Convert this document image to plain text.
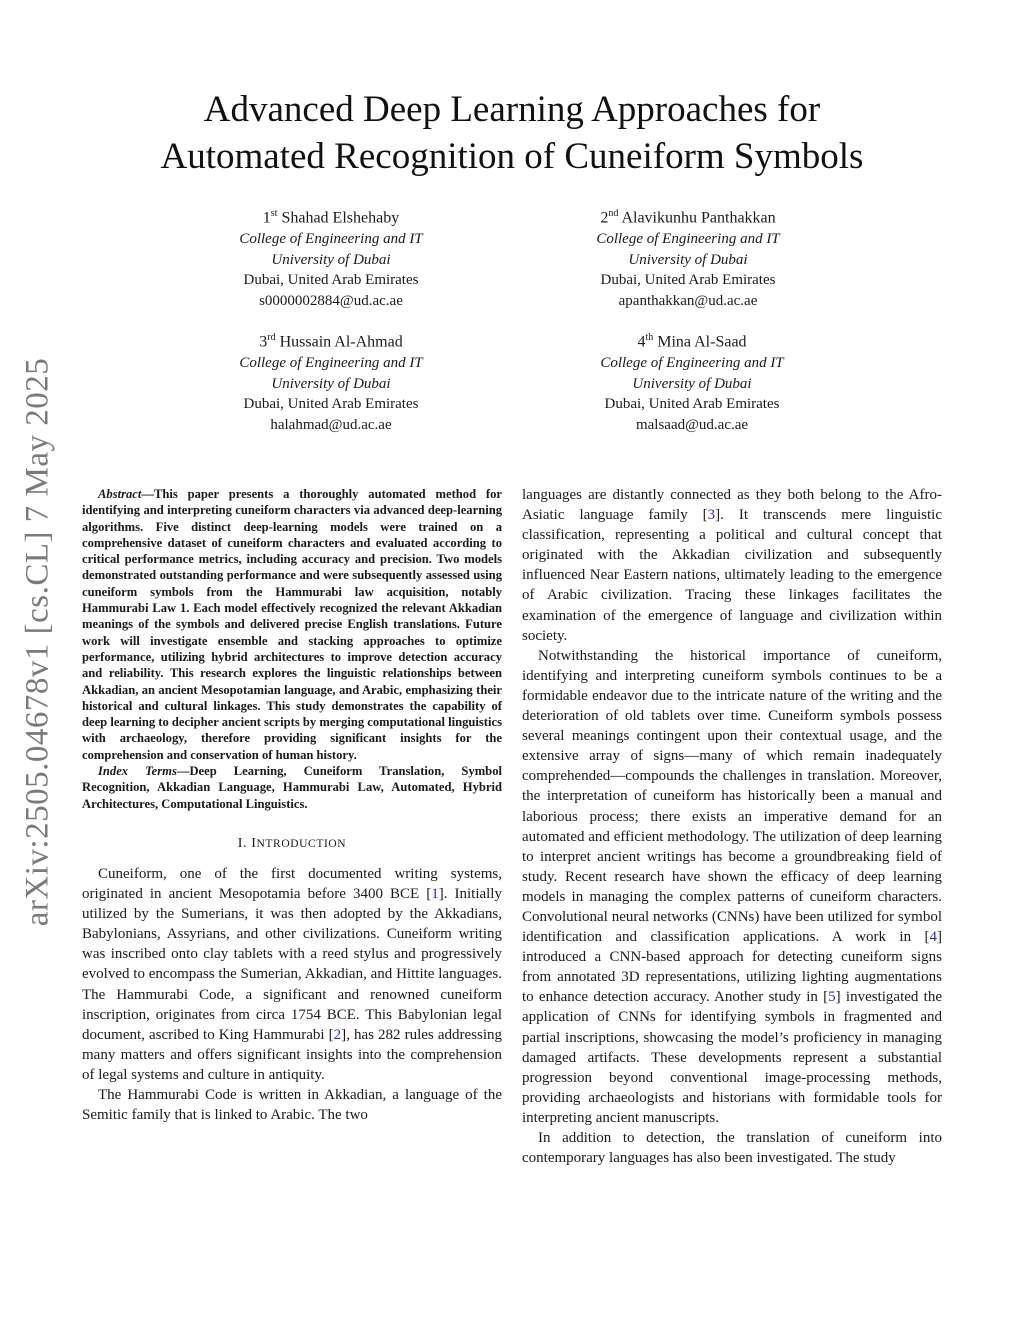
arXiv:2505.04678v1 [cs.CL] 7 May 2025
Advanced Deep Learning Approaches for
Automated Recognition of Cuneiform Symbols
1st Shahad Elshehaby
College of Engineering and IT
University of Dubai
Dubai, United Arab Emirates
s0000002884@ud.ac.ae
2nd Alavikunhu Panthakkan
College of Engineering and IT
University of Dubai
Dubai, United Arab Emirates
apanthakkan@ud.ac.ae
3rd Hussain Al-Ahmad
College of Engineering and IT
University of Dubai
Dubai, United Arab Emirates
halahmad@ud.ac.ae
4th Mina Al-Saad
College of Engineering and IT
University of Dubai
Dubai, United Arab Emirates
malsaad@ud.ac.ae

Abstract—This paper presents a thoroughly automated method for identifying and interpreting cuneiform characters via advanced deep-learning algorithms. Five distinct deep-learning models were trained on a comprehensive dataset of cuneiform characters and evaluated according to critical performance metrics, including accuracy and precision. Two models demonstrated outstanding performance and were subsequently assessed using cuneiform symbols from the Hammurabi law acquisition, notably Hammurabi Law 1. Each model effectively recognized the relevant Akkadian meanings of the symbols and delivered precise English translations. Future work will investigate ensemble and stacking approaches to optimize performance, utilizing hybrid architectures to improve detection accuracy and reliability. This research explores the linguistic relationships between Akkadian, an ancient Mesopotamian language, and Arabic, emphasizing their historical and cultural linkages. This study demonstrates the capability of deep learning to decipher ancient scripts by merging computational linguistics with archaeology, therefore providing significant insights for the comprehension and conservation of human history.

Index Terms—Deep Learning, Cuneiform Translation, Symbol Recognition, Akkadian Language, Hammurabi Law, Automated, Hybrid Architectures, Computational Linguistics.

I. INTRODUCTION

Cuneiform, one of the first documented writing systems, originated in ancient Mesopotamia before 3400 BCE [1]. Initially utilized by the Sumerians, it was then adopted by the Akkadians, Babylonians, Assyrians, and other civilizations. Cuneiform writing was inscribed onto clay tablets with a reed stylus and progressively evolved to encompass the Sumerian, Akkadian, and Hittite languages. The Hammurabi Code, a significant and renowned cuneiform inscription, originates from circa 1754 BCE. This Babylonian legal document, ascribed to King Hammurabi [2], has 282 rules addressing many matters and offers significant insights into the comprehension of legal systems and culture in antiquity.

The Hammurabi Code is written in Akkadian, a language of the Semitic family that is linked to Arabic. The two

languages are distantly connected as they both belong to the Afro-Asiatic language family [3]. It transcends mere linguistic classification, representing a political and cultural concept that originated with the Akkadian civilization and subsequently influenced Near Eastern nations, ultimately leading to the emergence of Arabic civilization. Tracing these linkages facilitates the examination of the emergence of language and civilization within society.

Notwithstanding the historical importance of cuneiform, identifying and interpreting cuneiform symbols continues to be a formidable endeavor due to the intricate nature of the writing and the deterioration of old tablets over time. Cuneiform symbols possess several meanings contingent upon their contextual usage, and the extensive array of signs—many of which remain inadequately comprehended—compounds the challenges in translation. Moreover, the interpretation of cuneiform has historically been a manual and laborious process; there exists an imperative demand for an automated and efficient methodology. The utilization of deep learning to interpret ancient writings has become a groundbreaking field of study. Recent research have shown the efficacy of deep learning models in managing the complex patterns of cuneiform characters. Convolutional neural networks (CNNs) have been utilized for symbol identification and classification applications. A work in [4] introduced a CNN-based approach for detecting cuneiform signs from annotated 3D representations, utilizing lighting augmentations to enhance detection accuracy. Another study in [5] investigated the application of CNNs for identifying symbols in fragmented and partial inscriptions, showcasing the model’s proficiency in managing damaged artifacts. These developments represent a substantial progression beyond conventional image-processing methods, providing archaeologists and historians with formidable tools for interpreting ancient manuscripts.

In addition to detection, the translation of cuneiform into contemporary languages has also been investigated. The study
